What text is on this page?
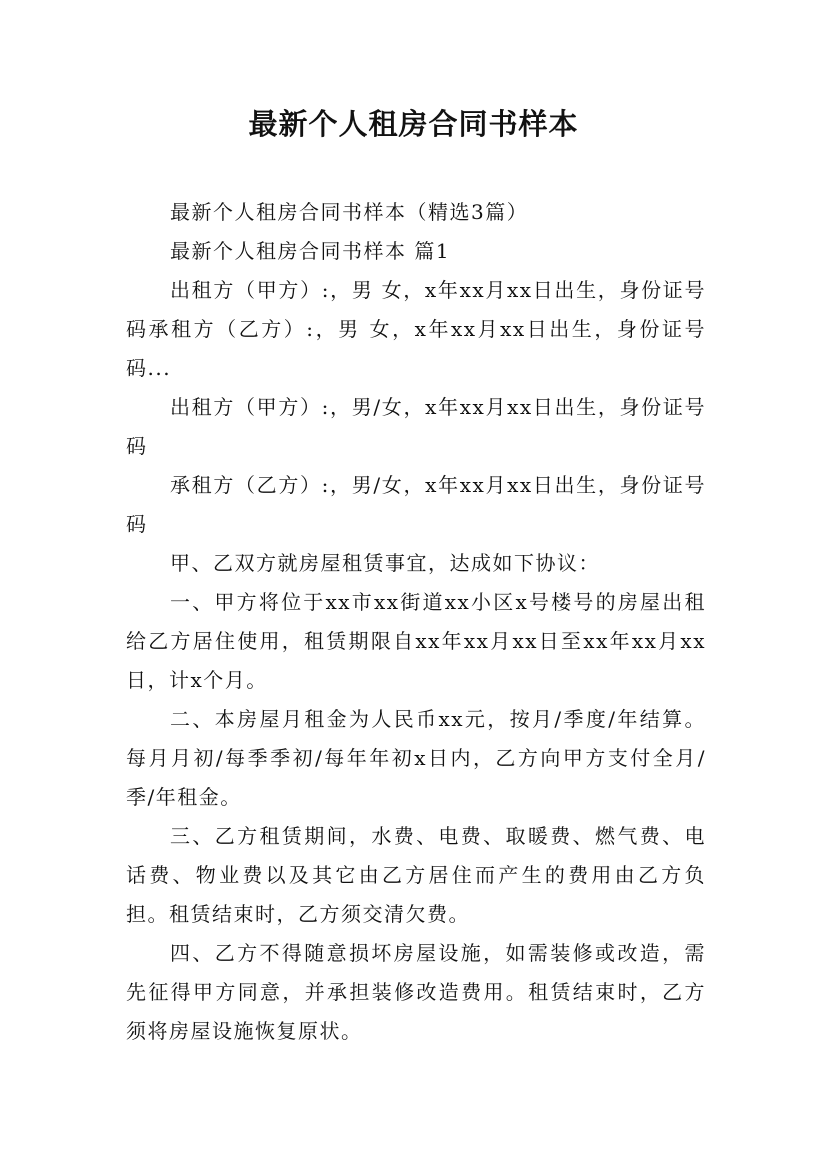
最新个人租房合同书样本

最新个人租房合同书样本（精选3篇）

最新个人租房合同书样本 篇1

出租方（甲方）:，男 女，x年xx月xx日出生，身份证号码承租方（乙方）:，男 女，x年xx月xx日出生，身份证号码...

出租方（甲方）:，男/女，x年xx月xx日出生，身份证号码

承租方（乙方）:，男/女，x年xx月xx日出生，身份证号码

甲、乙双方就房屋租赁事宜，达成如下协议：

一、甲方将位于xx市xx街道xx小区x号楼号的房屋出租给乙方居住使用，租赁期限自xx年xx月xx日至xx年xx月xx日，计x个月。

二、本房屋月租金为人民币xx元，按月/季度/年结算。每月月初/每季季初/每年年初x日内，乙方向甲方支付全月/季/年租金。

三、乙方租赁期间，水费、电费、取暖费、燃气费、电话费、物业费以及其它由乙方居住而产生的费用由乙方负担。租赁结束时，乙方须交清欠费。

四、乙方不得随意损坏房屋设施，如需装修或改造，需先征得甲方同意，并承担装修改造费用。租赁结束时，乙方须将房屋设施恢复原状。
